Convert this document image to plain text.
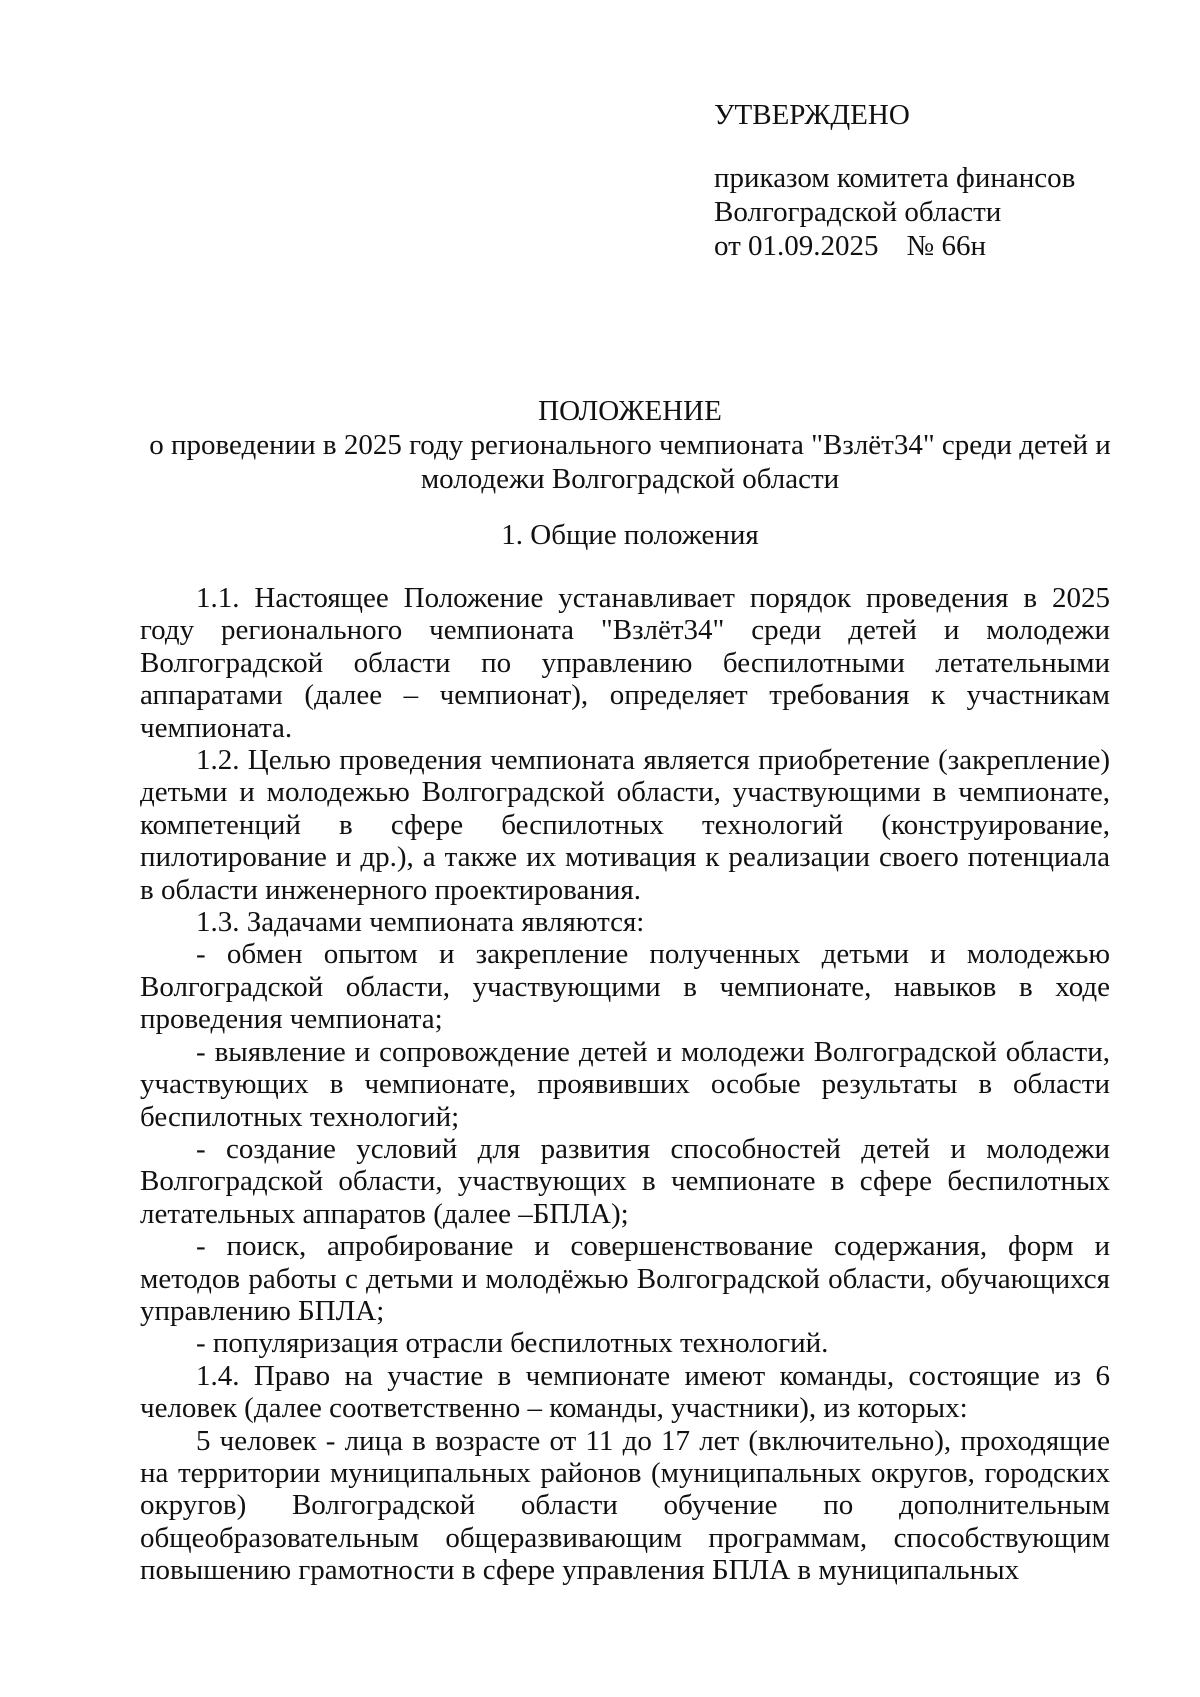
УТВЕРЖДЕНО

приказом комитета финансов

Волгоградской области

от 01.09.2025 № 66н

ПОЛОЖЕНИЕ

о проведении в 2025 году регионального чемпионата "Взлёт34" среди детей и молодежи Волгоградской области

1. Общие положения

1.1. Настоящее Положение устанавливает порядок проведения в 2025 году регионального чемпионата "Взлёт34" среди детей и молодежи Волгоградской области по управлению беспилотными летательными аппаратами (далее – чемпионат), определяет требования к участникам чемпионата.

1.2. Целью проведения чемпионата является приобретение (закрепление) детьми и молодежью Волгоградской области, участвующими в чемпионате, компетенций в сфере беспилотных технологий (конструирование, пилотирование и др.), а также их мотивация к реализации своего потенциала в области инженерного проектирования.

1.3. Задачами чемпионата являются:

- обмен опытом и закрепление полученных детьми и молодежью Волгоградской области, участвующими в чемпионате, навыков в ходе проведения чемпионата;

- выявление и сопровождение детей и молодежи Волгоградской области, участвующих в чемпионате, проявивших особые результаты в области беспилотных технологий;

- создание условий для развития способностей детей и молодежи Волгоградской области, участвующих в чемпионате в сфере беспилотных летательных аппаратов (далее –БПЛА);

- поиск, апробирование и совершенствование содержания, форм и методов работы с детьми и молодёжью Волгоградской области, обучающихся управлению БПЛА;

- популяризация отрасли беспилотных технологий.

1.4. Право на участие в чемпионате имеют команды, состоящие из 6 человек (далее соответственно – команды, участники), из которых:

5 человек - лица в возрасте от 11 до 17 лет (включительно), проходящие на территории муниципальных районов (муниципальных округов, городских округов) Волгоградской области обучение по дополнительным общеобразовательным общеразвивающим программам, способствующим повышению грамотности в сфере управления БПЛА в муниципальных
